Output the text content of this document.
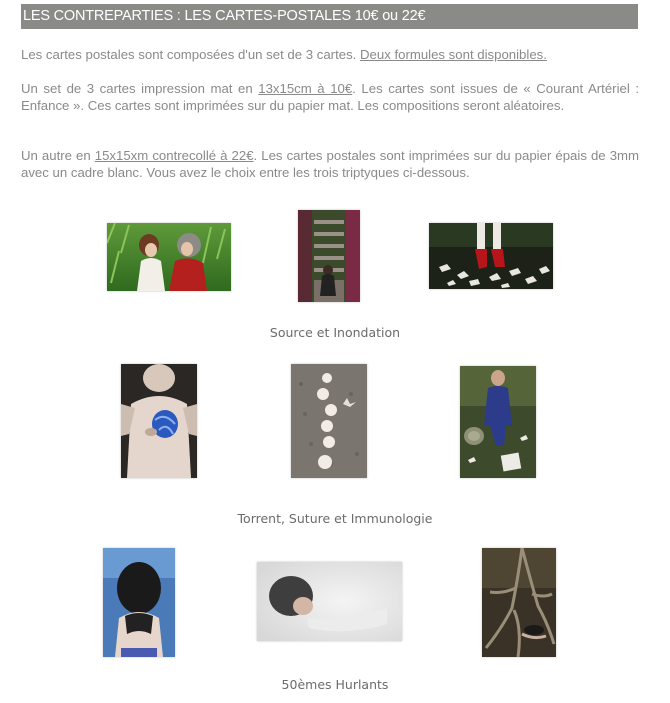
LES CONTREPARTIES : LES CARTES-POSTALES 10€ ou 22€

Les cartes postales sont composées d'un set de 3 cartes. Deux formules sont disponibles.

Un set de 3 cartes impression mat en 13x15cm à 10€. Les cartes sont issues de « Courant Artériel : Enfance ». Ces cartes sont imprimées sur du papier mat. Les compositions seront aléatoires.

Un autre en 15x15xm contrecollé à 22€. Les cartes postales sont imprimées sur du papier épais de 3mm avec un cadre blanc. Vous avez le choix entre les trois triptyques ci-dessous.

Source et Inondation
Torrent, Suture et Immunologie
50èmes Hurlants
